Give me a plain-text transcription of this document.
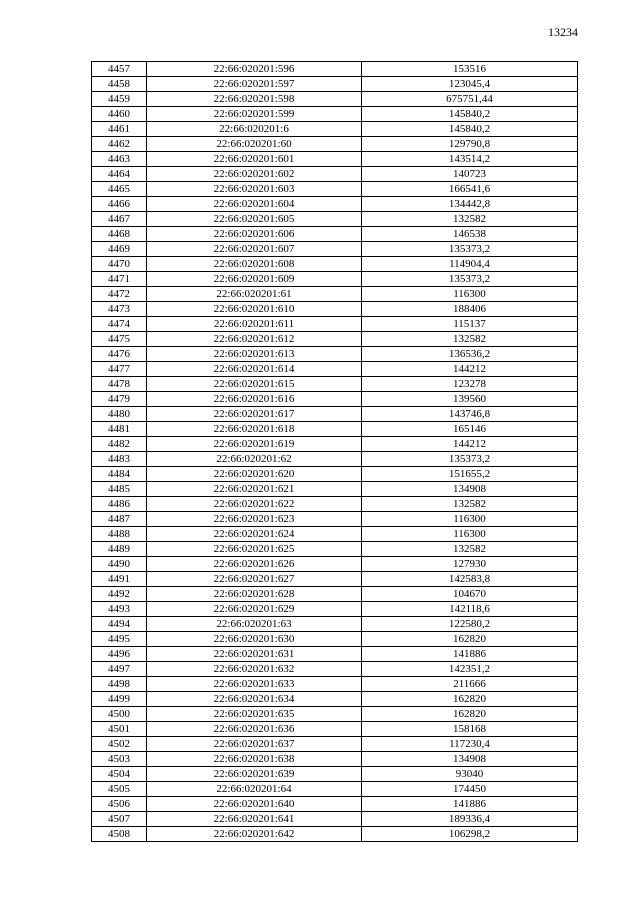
13234
4457	22:66:020201:596	153516
4458	22:66:020201:597	123045,4
4459	22:66:020201:598	675751,44
4460	22:66:020201:599	145840,2
4461	22:66:020201:6	145840,2
4462	22:66:020201:60	129790,8
4463	22:66:020201:601	143514,2
4464	22:66:020201:602	140723
4465	22:66:020201:603	166541,6
4466	22:66:020201:604	134442,8
4467	22:66:020201:605	132582
4468	22:66:020201:606	146538
4469	22:66:020201:607	135373,2
4470	22:66:020201:608	114904,4
4471	22:66:020201:609	135373,2
4472	22:66:020201:61	116300
4473	22:66:020201:610	188406
4474	22:66:020201:611	115137
4475	22:66:020201:612	132582
4476	22:66:020201:613	136536,2
4477	22:66:020201:614	144212
4478	22:66:020201:615	123278
4479	22:66:020201:616	139560
4480	22:66:020201:617	143746,8
4481	22:66:020201:618	165146
4482	22:66:020201:619	144212
4483	22:66:020201:62	135373,2
4484	22:66:020201:620	151655,2
4485	22:66:020201:621	134908
4486	22:66:020201:622	132582
4487	22:66:020201:623	116300
4488	22:66:020201:624	116300
4489	22:66:020201:625	132582
4490	22:66:020201:626	127930
4491	22:66:020201:627	142583,8
4492	22:66:020201:628	104670
4493	22:66:020201:629	142118,6
4494	22:66:020201:63	122580,2
4495	22:66:020201:630	162820
4496	22:66:020201:631	141886
4497	22:66:020201:632	142351,2
4498	22:66:020201:633	211666
4499	22:66:020201:634	162820
4500	22:66:020201:635	162820
4501	22:66:020201:636	158168
4502	22:66:020201:637	117230,4
4503	22:66:020201:638	134908
4504	22:66:020201:639	93040
4505	22:66:020201:64	174450
4506	22:66:020201:640	141886
4507	22:66:020201:641	189336,4
4508	22:66:020201:642	106298,2
